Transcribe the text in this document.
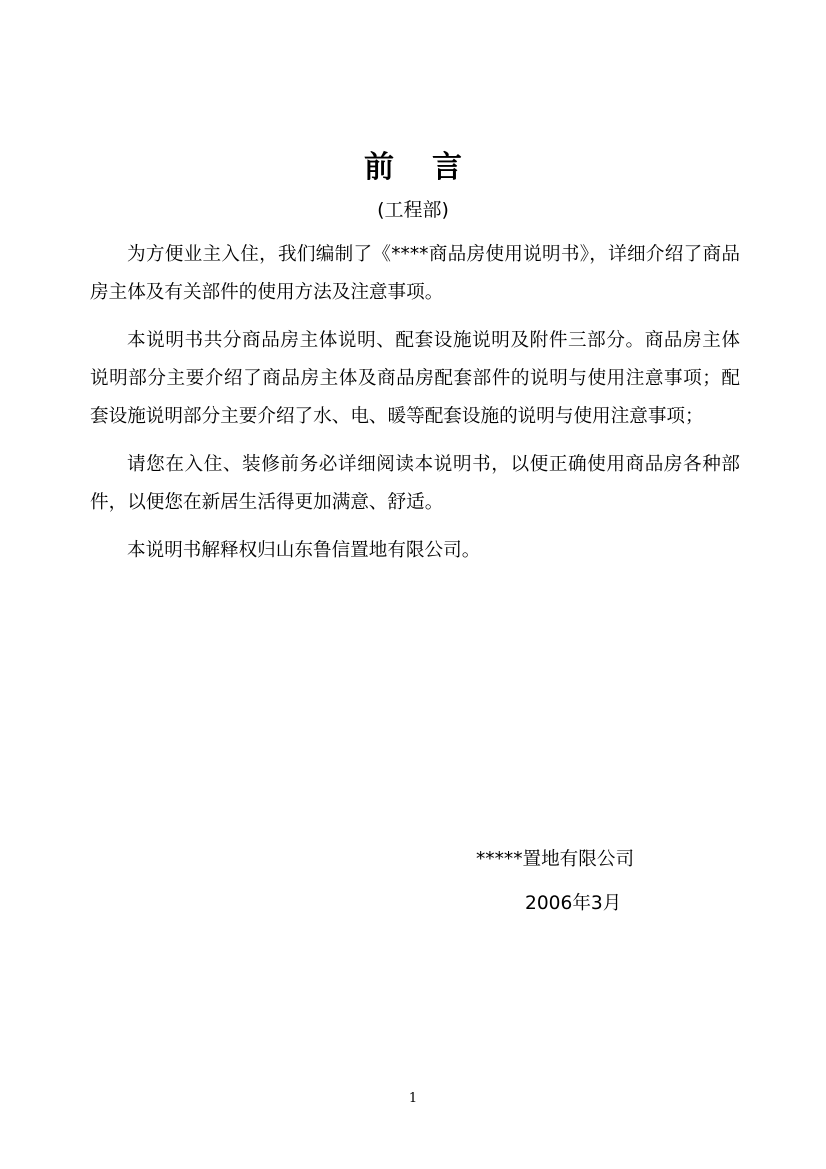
前言
(工程部)

为方便业主入住，我们编制了《****商品房使用说明书》，详细介绍了商品房主体及有关部件的使用方法及注意事项。

本说明书共分商品房主体说明、配套设施说明及附件三部分。商品房主体说明部分主要介绍了商品房主体及商品房配套部件的说明与使用注意事项；配套设施说明部分主要介绍了水、电、暖等配套设施的说明与使用注意事项；

请您在入住、装修前务必详细阅读本说明书，以便正确使用商品房各种部件，以便您在新居生活得更加满意、舒适。

本说明书解释权归山东鲁信置地有限公司。

*****置地有限公司
2006年3月
1
